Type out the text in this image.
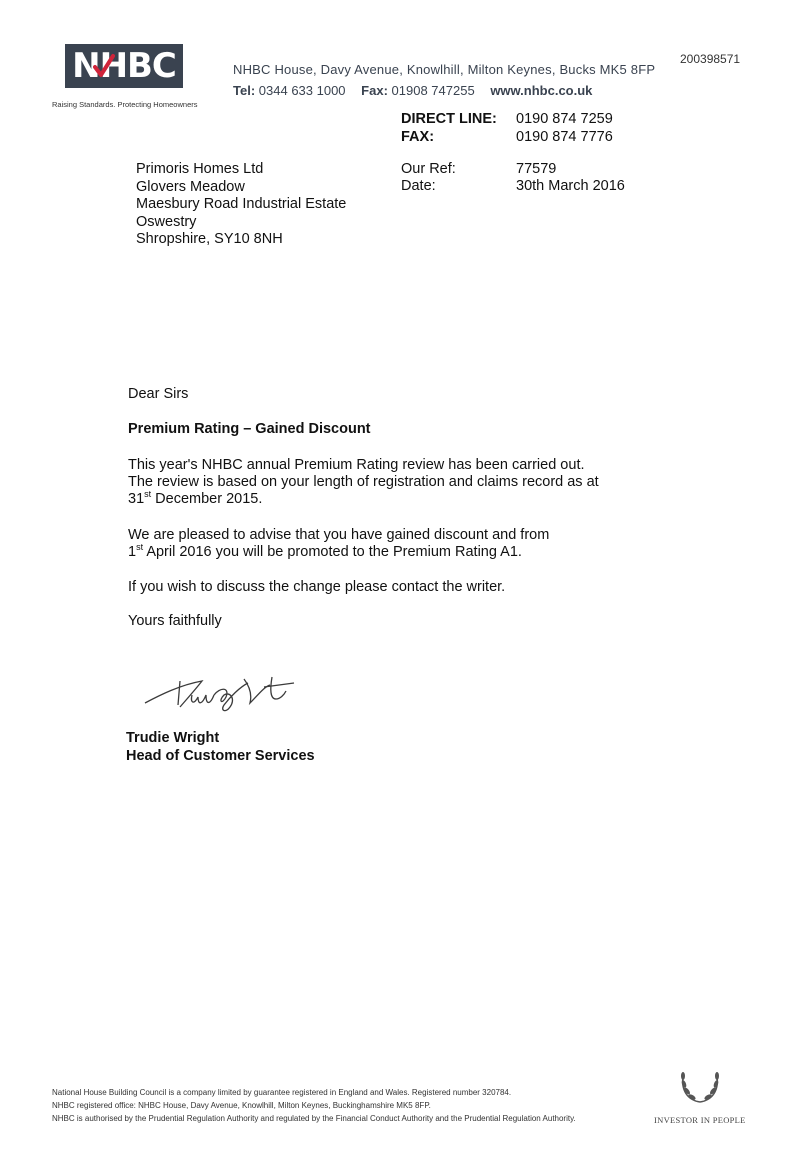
NHBC
Raising Standards. Protecting Homeowners
200398571
NHBC House, Davy Avenue, Knowlhill, Milton Keynes, Bucks MK5 8FP
Tel: 0344 633 1000 Fax: 01908 747255 www.nhbc.co.uk
DIRECT LINE: 0190 874 7259
FAX:	0190 874 7776
Primoris Homes Ltd
Glovers Meadow
Maesbury Road Industrial Estate
Oswestry
Shropshire, SY10 8NH
Our Ref:	77579
Date:	30th March 2016
Dear Sirs
Premium Rating – Gained Discount
This year's NHBC annual Premium Rating review has been carried out.
The review is based on your length of registration and claims record as at
31st December 2015.
We are pleased to advise that you have gained discount and from
1st April 2016 you will be promoted to the Premium Rating A1.
If you wish to discuss the change please contact the writer.
Yours faithfully
Trudie Wright
Head of Customer Services
National House Building Council is a company limited by guarantee registered in England and Wales. Registered number 320784.
NHBC registered office: NHBC House, Davy Avenue, Knowlhill, Milton Keynes, Buckinghamshire MK5 8FP.
NHBC is authorised by the Prudential Regulation Authority and regulated by the Financial Conduct Authority and the Prudential Regulation Authority.	INVESTOR IN PEOPLE
